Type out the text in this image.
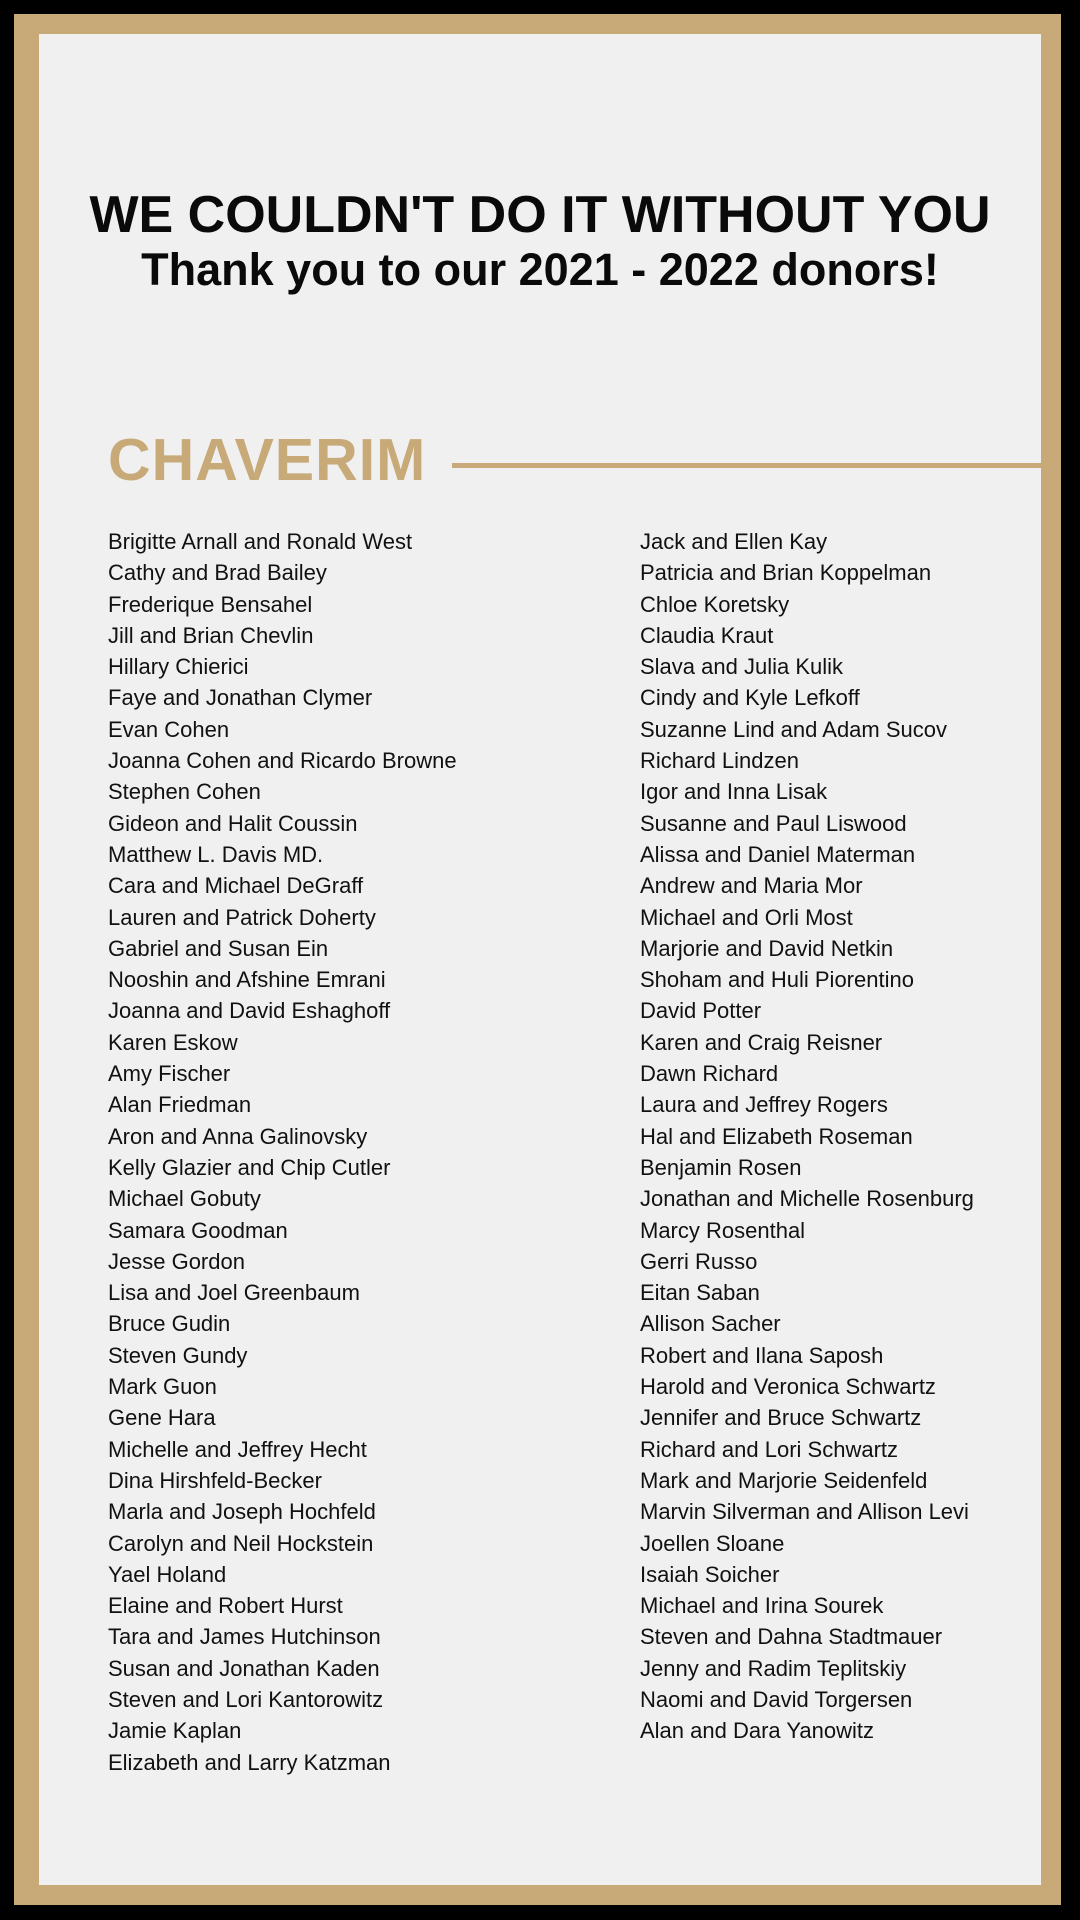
WE COULDN'T DO IT WITHOUT YOU
Thank you to our 2021 - 2022 donors!
CHAVERIM
Brigitte Arnall and Ronald West
Cathy and Brad Bailey
Frederique Bensahel
Jill and Brian Chevlin
Hillary Chierici
Faye and Jonathan Clymer
Evan Cohen
Joanna Cohen and Ricardo Browne
Stephen Cohen
Gideon and Halit Coussin
Matthew L. Davis MD.
Cara and Michael DeGraff
Lauren and Patrick Doherty
Gabriel and Susan Ein
Nooshin and Afshine Emrani
Joanna and David Eshaghoff
Karen Eskow
Amy Fischer
Alan Friedman
Aron and Anna Galinovsky
Kelly Glazier and Chip Cutler
Michael Gobuty
Samara Goodman
Jesse Gordon
Lisa and Joel Greenbaum
Bruce Gudin
Steven Gundy
Mark Guon
Gene Hara
Michelle and Jeffrey Hecht
Dina Hirshfeld-Becker
Marla and Joseph Hochfeld
Carolyn and Neil Hockstein
Yael Holand
Elaine and Robert Hurst
Tara and James Hutchinson
Susan and Jonathan Kaden
Steven and Lori Kantorowitz
Jamie Kaplan
Elizabeth and Larry Katzman
Jack and Ellen Kay
Patricia and Brian Koppelman
Chloe Koretsky
Claudia Kraut
Slava and Julia Kulik
Cindy and Kyle Lefkoff
Suzanne Lind and Adam Sucov
Richard Lindzen
Igor and Inna Lisak
Susanne and Paul Liswood
Alissa and Daniel Materman
Andrew and Maria Mor
Michael and Orli Most
Marjorie and David Netkin
Shoham and Huli Piorentino
David Potter
Karen and Craig Reisner
Dawn Richard
Laura and Jeffrey Rogers
Hal and Elizabeth Roseman
Benjamin Rosen
Jonathan and Michelle Rosenburg
Marcy Rosenthal
Gerri Russo
Eitan Saban
Allison Sacher
Robert and Ilana Saposh
Harold and Veronica Schwartz
Jennifer and Bruce Schwartz
Richard and Lori Schwartz
Mark and Marjorie Seidenfeld
Marvin Silverman and Allison Levi
Joellen Sloane
Isaiah Soicher
Michael and Irina Sourek
Steven and Dahna Stadtmauer
Jenny and Radim Teplitskiy
Naomi and David Torgersen
Alan and Dara Yanowitz
